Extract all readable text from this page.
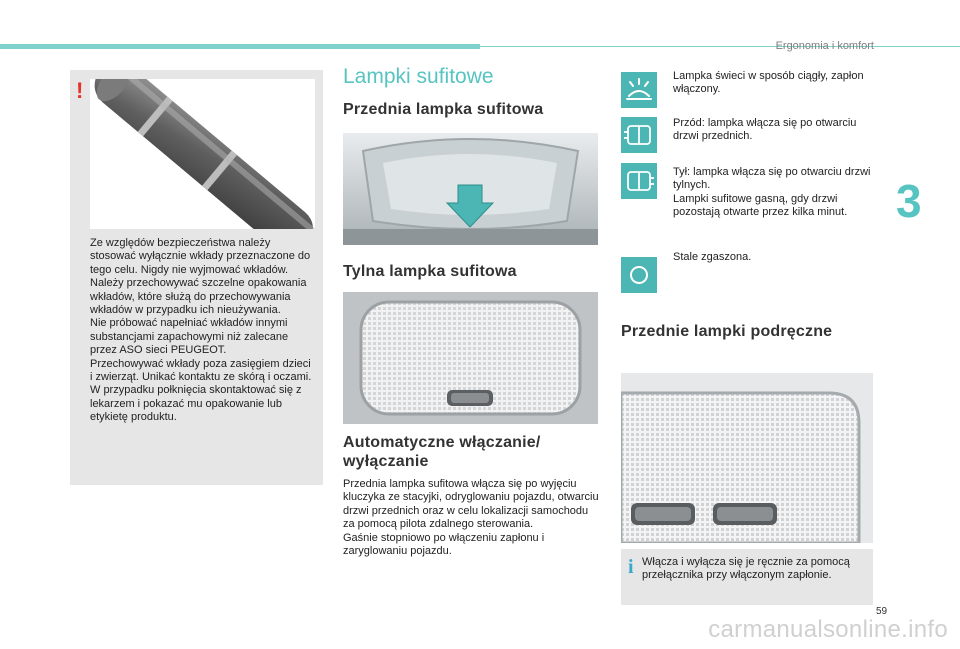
Ergonomia i komfort
3
59
!

Ze względów bezpieczeństwa należy stosować wyłącznie wkłady przeznaczone do tego celu. Nigdy nie wyjmować wkładów.

Należy przechowywać szczelne opakowania wkładów, które służą do przechowywania wkładów w przypadku ich nieużywania.

Nie próbować napełniać wkładów innymi substancjami zapachowymi niż zalecane przez ASO sieci PEUGEOT.

Przechowywać wkłady poza zasięgiem dzieci i zwierząt. Unikać kontaktu ze skórą i oczami. W przypadku połknięcia skontaktować się z lekarzem i pokazać mu opakowanie lub etykietę produktu.

Lampki sufitowe
Przednia lampka sufitowa
Tylna lampka sufitowa
Automatyczne włączanie/ wyłączanie

Przednia lampka sufitowa włącza się po wyjęciu kluczyka ze stacyjki, odryglowaniu pojazdu, otwarciu drzwi przednich oraz w celu lokalizacji samochodu za pomocą pilota zdalnego sterowania.

Gaśnie stopniowo po włączeniu zapłonu i zaryglowaniu pojazdu.

Lampka świeci w sposób ciągły, zapłon włączony.

Przód: lampka włącza się po otwarciu drzwi przednich.

Tył: lampka włącza się po otwarciu drzwi tylnych.

Lampki sufitowe gasną, gdy drzwi pozostają otwarte przez kilka minut.

Stale zgaszona.

Przednie lampki podręczne
i Włącza i wyłącza się je ręcznie za pomocą przełącznika przy włączonym zapłonie.

carmanualsonline.info
